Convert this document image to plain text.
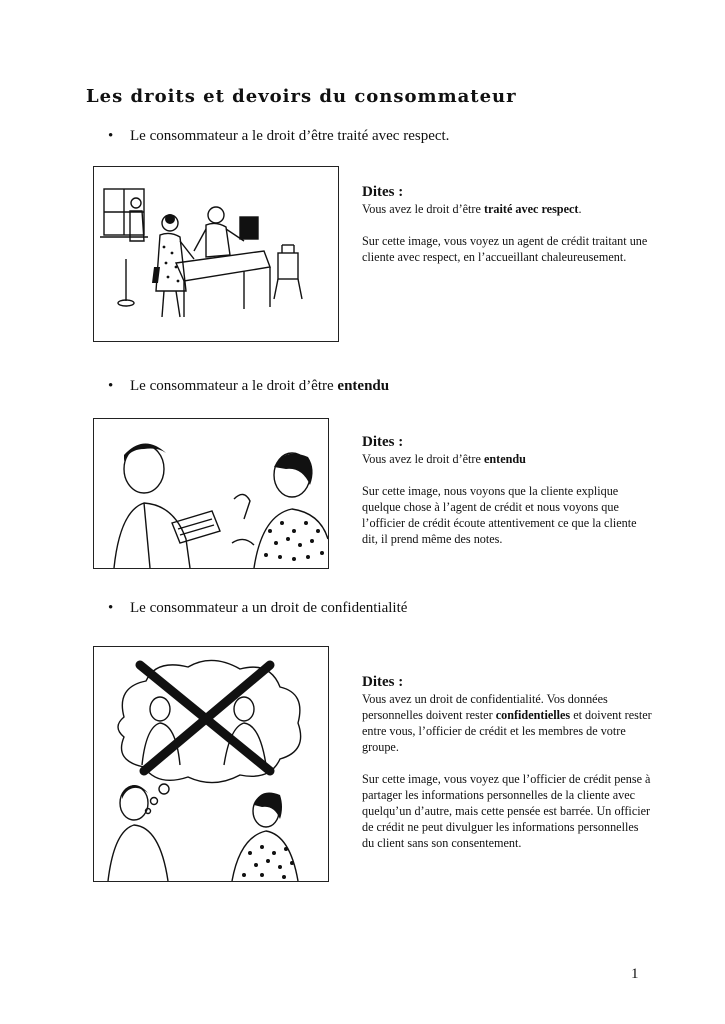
Les droits et devoirs du consommateur
• Le consommateur a le droit d’être traité avec respect.
Dites :

Vous avez le droit d’être traité avec respect.

Sur cette image, vous voyez un agent de crédit traitant une cliente avec respect, en l’accueillant chaleureusement.

• Le consommateur a le droit d’être entendu
Dites :

Vous avez le droit d’être entendu

Sur cette image, nous voyons que la cliente explique quelque chose à l’agent de crédit et nous voyons que l’officier de crédit écoute attentivement ce que la cliente dit, il prend même des notes.

• Le consommateur a un droit de confidentialité
Dites :

Vous avez un droit de confidentialité. Vos données personnelles doivent rester confidentielles et doivent rester entre vous, l’officier de crédit et les membres de votre groupe.

Sur cette image, vous voyez que l’officier de crédit pense à partager les informations personnelles de la cliente avec quelqu’un d’autre, mais cette pensée est barrée. Un officier de crédit ne peut divulguer les informations personnelles du client sans son consentement.

1
